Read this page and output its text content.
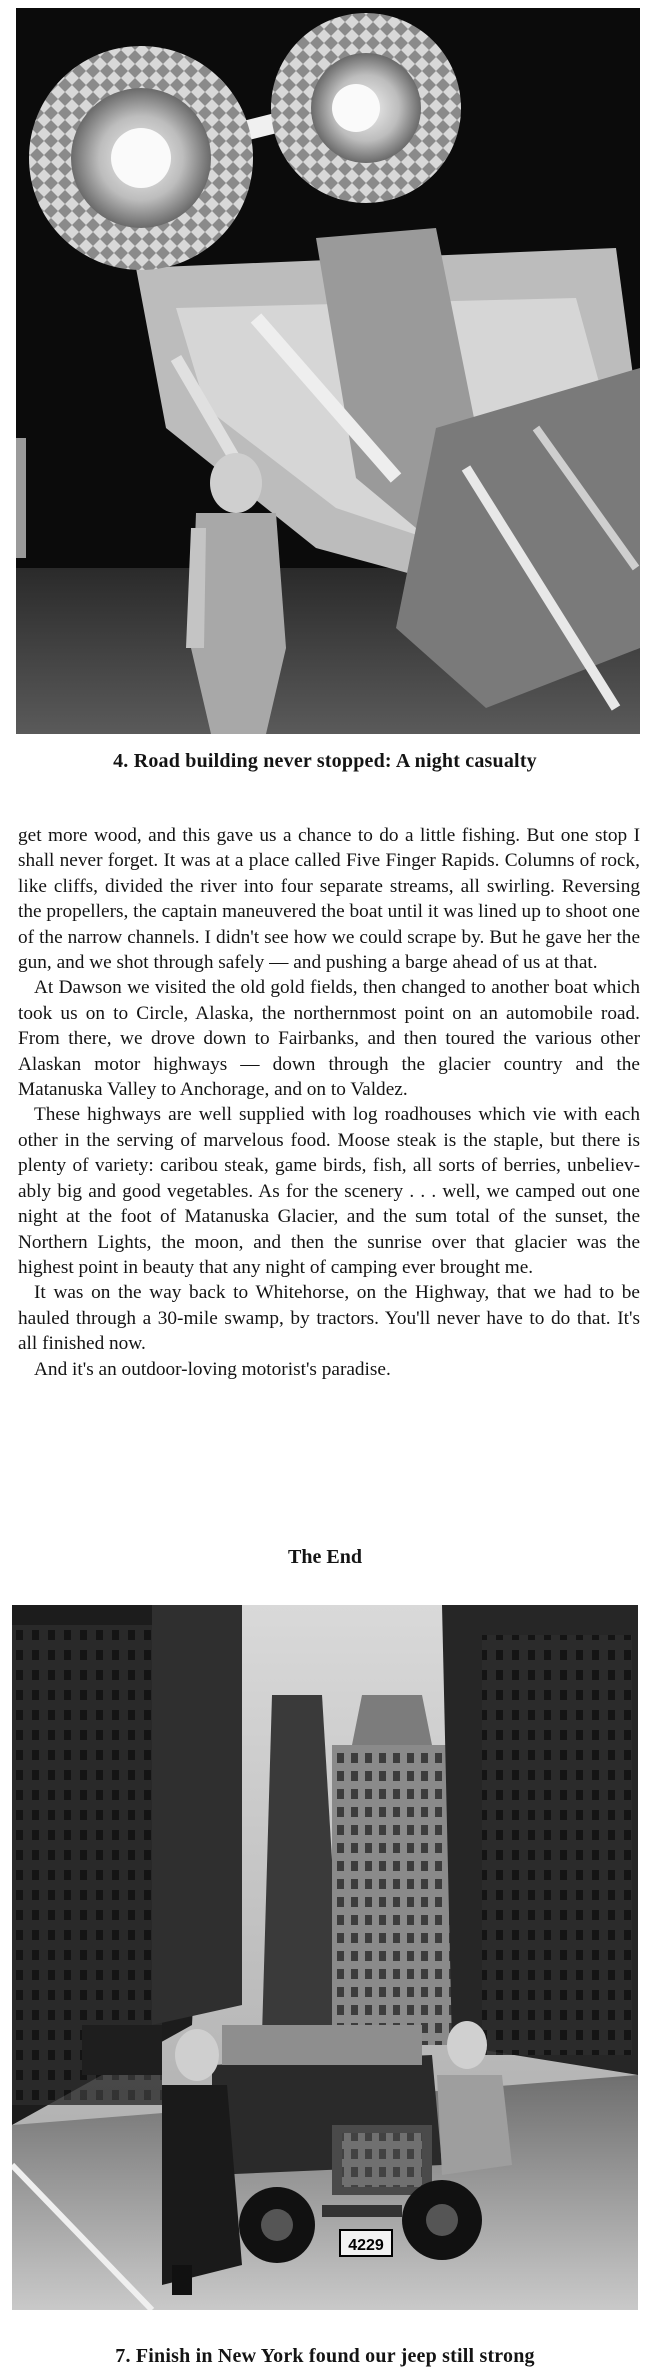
4. Road building never stopped: A night casualty

get more wood, and this gave us a chance to do a little fishing. But one stop I shall never forget. It was at a place called Five Finger Rapids. Columns of rock, like cliffs, divided the river into four separate streams, all swirling. Reversing the propellers, the captain maneuvered the boat until it was lined up to shoot one of the narrow channels. I didn't see how we could scrape by. But he gave her the gun, and we shot through safely — and pushing a barge ahead of us at that.

At Dawson we visited the old gold fields, then changed to another boat which took us on to Circle, Alaska, the northernmost point on an automobile road. From there, we drove down to Fairbanks, and then toured the various other Alaskan motor highways — down through the glacier country and the Matanuska Valley to Anchorage, and on to Valdez.

These highways are well supplied with log roadhouses which vie with each other in the serving of marvelous food. Moose steak is the staple, but there is plenty of variety: caribou steak, game birds, fish, all sorts of berries, unbelievably big and good vegetables. As for the scenery . . . well, we camped out one night at the foot of Matanuska Glacier, and the sum total of the sunset, the Northern Lights, the moon, and then the sunrise over that glacier was the highest point in beauty that any night of camping ever brought me.

It was on the way back to Whitehorse, on the Highway, that we had to be hauled through a 30-mile swamp, by tractors. You'll never have to do that. It's all finished now.

And it's an outdoor-loving motorist's paradise.

The End
4229
7. Finish in New York found our jeep still strong
